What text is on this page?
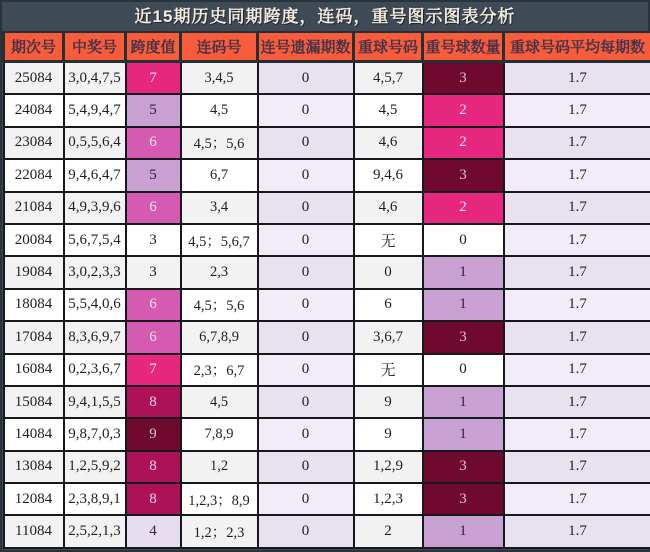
近15期历史同期跨度，连码，重号图示图表分析
期次号	中奖号	跨度值	连码号	连号遗漏期数	重球号码	重号球数量	重球号码平均每期数
25084	3,0,4,7,5	7	3,4,5	0	4,5,7	3	1.7
24084	5,4,9,4,7	5	4,5	0	4,5	2	1.7
23084	0,5,5,6,4	6	4,5；5,6	0	4,6	2	1.7
22084	9,4,6,4,7	5	6,7	0	9,4,6	3	1.7
21084	4,9,3,9,6	6	3,4	0	4,6	2	1.7
20084	5,6,7,5,4	3	4,5；5,6,7	0	无	0	1.7
19084	3,0,2,3,3	3	2,3	0	0	1	1.7
18084	5,5,4,0,6	6	4,5；5,6	0	6	1	1.7
17084	8,3,6,9,7	6	6,7,8,9	0	3,6,7	3	1.7
16084	0,2,3,6,7	7	2,3；6,7	0	无	0	1.7
15084	9,4,1,5,5	8	4,5	0	9	1	1.7
14084	9,8,7,0,3	9	7,8,9	0	9	1	1.7
13084	1,2,5,9,2	8	1,2	0	1,2,9	3	1.7
12084	2,3,8,9,1	8	1,2,3；8,9	0	1,2,3	3	1.7
11084	2,5,2,1,3	4	1,2；2,3	0	2	1	1.7
